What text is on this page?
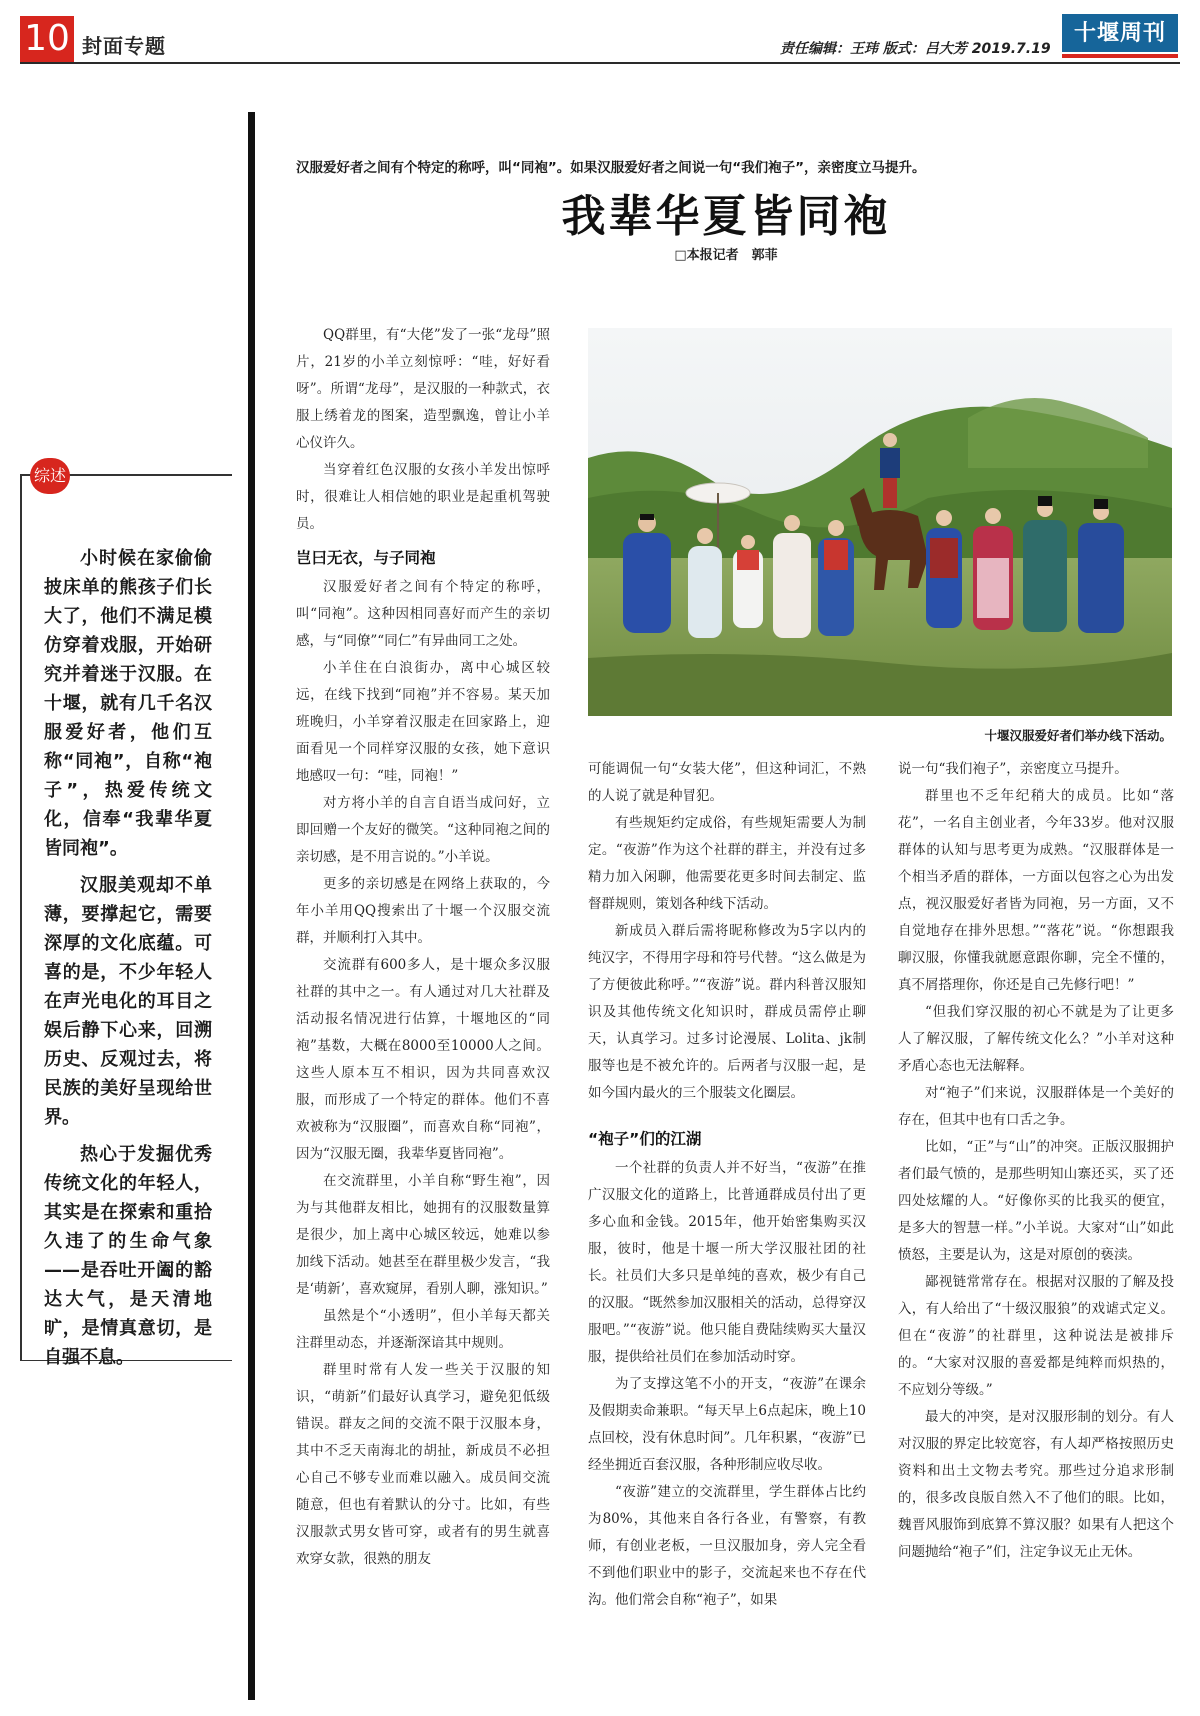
10 封面专题	责任编辑：王玮 版式：吕大芳 2019.7.19
十堰周刊
综述

小时候在家偷偷披床单的熊孩子们长大了，他们不满足模仿穿着戏服，开始研究并着迷于汉服。在十堰，就有几千名汉服爱好者，他们互称“同袍”，自称“袍子”，热爱传统文化，信奉“我辈华夏皆同袍”。

汉服美观却不单薄，要撑起它，需要深厚的文化底蕴。可喜的是，不少年轻人在声光电化的耳目之娱后静下心来，回溯历史、反观过去，将民族的美好呈现给世界。

热心于发掘优秀传统文化的年轻人，其实是在探索和重拾久违了的生命气象——是吞吐开阖的豁达大气，是天清地旷，是情真意切，是自强不息。

汉服爱好者之间有个特定的称呼，叫“同袍”。如果汉服爱好者之间说一句“我们袍子”，亲密度立马提升。
我辈华夏皆同袍
□本报记者　郭菲

QQ群里，有“大佬”发了一张“龙母”照片，21岁的小羊立刻惊呼：“哇，好好看呀”。所谓“龙母”，是汉服的一种款式，衣服上绣着龙的图案，造型飘逸，曾让小羊心仪许久。

当穿着红色汉服的女孩小羊发出惊呼时，很难让人相信她的职业是起重机驾驶员。

岂曰无衣，与子同袍

汉服爱好者之间有个特定的称呼，叫“同袍”。这种因相同喜好而产生的亲切感，与“同僚”“同仁”有异曲同工之处。

小羊住在白浪街办，离中心城区较远，在线下找到“同袍”并不容易。某天加班晚归，小羊穿着汉服走在回家路上，迎面看见一个同样穿汉服的女孩，她下意识地感叹一句：“哇，同袍！”

对方将小羊的自言自语当成问好，立即回赠一个友好的微笑。“这种同袍之间的亲切感，是不用言说的。”小羊说。

更多的亲切感是在网络上获取的，今年小羊用QQ搜索出了十堰一个汉服交流群，并顺利打入其中。

交流群有600多人，是十堰众多汉服社群的其中之一。有人通过对几大社群及活动报名情况进行估算，十堰地区的“同袍”基数，大概在8000至10000人之间。这些人原本互不相识，因为共同喜欢汉服，而形成了一个特定的群体。他们不喜欢被称为“汉服圈”，而喜欢自称“同袍”，因为“汉服无圈，我辈华夏皆同袍”。

在交流群里，小羊自称“野生袍”，因为与其他群友相比，她拥有的汉服数量算是很少，加上离中心城区较远，她难以参加线下活动。她甚至在群里极少发言，“我是‘萌新’，喜欢窥屏，看别人聊，涨知识。”

虽然是个“小透明”，但小羊每天都关注群里动态，并逐渐深谙其中规则。

群里时常有人发一些关于汉服的知识，“萌新”们最好认真学习，避免犯低级错误。群友之间的交流不限于汉服本身，其中不乏天南海北的胡扯，新成员不必担心自己不够专业而难以融入。成员间交流随意，但也有着默认的分寸。比如，有些汉服款式男女皆可穿，或者有的男生就喜欢穿女款，很熟的朋友

十堰汉服爱好者们举办线下活动。

可能调侃一句“女装大佬”，但这种词汇，不熟的人说了就是种冒犯。

有些规矩约定成俗，有些规矩需要人为制定。“夜游”作为这个社群的群主，并没有过多精力加入闲聊，他需要花更多时间去制定、监督群规则，策划各种线下活动。

新成员入群后需将昵称修改为5字以内的纯汉字，不得用字母和符号代替。“这么做是为了方便彼此称呼。”“夜游”说。群内科普汉服知识及其他传统文化知识时，群成员需停止聊天，认真学习。过多讨论漫展、Lolita、jk制服等也是不被允许的。后两者与汉服一起，是如今国内最火的三个服装文化圈层。

“袍子”们的江湖

一个社群的负责人并不好当，“夜游”在推广汉服文化的道路上，比普通群成员付出了更多心血和金钱。2015年，他开始密集购买汉服，彼时，他是十堰一所大学汉服社团的社长。社员们大多只是单纯的喜欢，极少有自己的汉服。“既然参加汉服相关的活动，总得穿汉服吧。”“夜游”说。他只能自费陆续购买大量汉服，提供给社员们在参加活动时穿。

为了支撑这笔不小的开支，“夜游”在课余及假期卖命兼职。“每天早上6点起床，晚上10点回校，没有休息时间”。几年积累，“夜游”已经坐拥近百套汉服，各种形制应收尽收。

“夜游”建立的交流群里，学生群体占比约为80%，其他来自各行各业，有警察，有教师，有创业老板，一旦汉服加身，旁人完全看不到他们职业中的影子，交流起来也不存在代沟。他们常会自称“袍子”，如果

说一句“我们袍子”，亲密度立马提升。

群里也不乏年纪稍大的成员。比如“落花”，一名自主创业者，今年33岁。他对汉服群体的认知与思考更为成熟。“汉服群体是一个相当矛盾的群体，一方面以包容之心为出发点，视汉服爱好者皆为同袍，另一方面，又不自觉地存在排外思想。”“落花”说。“你想跟我聊汉服，你懂我就愿意跟你聊，完全不懂的，真不屑搭理你，你还是自己先修行吧！”

“但我们穿汉服的初心不就是为了让更多人了解汉服，了解传统文化么？”小羊对这种矛盾心态也无法解释。

对“袍子”们来说，汉服群体是一个美好的存在，但其中也有口舌之争。

比如，“正”与“山”的冲突。正版汉服拥护者们最气愤的，是那些明知山寨还买，买了还四处炫耀的人。“好像你买的比我买的便宜，是多大的智慧一样。”小羊说。大家对“山”如此愤怒，主要是认为，这是对原创的亵渎。

鄙视链常常存在。根据对汉服的了解及投入，有人给出了“十级汉服狼”的戏谑式定义。但在“夜游”的社群里，这种说法是被排斥的。“大家对汉服的喜爱都是纯粹而炽热的，不应划分等级。”

最大的冲突，是对汉服形制的划分。有人对汉服的界定比较宽容，有人却严格按照历史资料和出土文物去考究。那些过分追求形制的，很多改良版自然入不了他们的眼。比如，魏晋风服饰到底算不算汉服？如果有人把这个问题抛给“袍子”们，注定争议无止无休。
